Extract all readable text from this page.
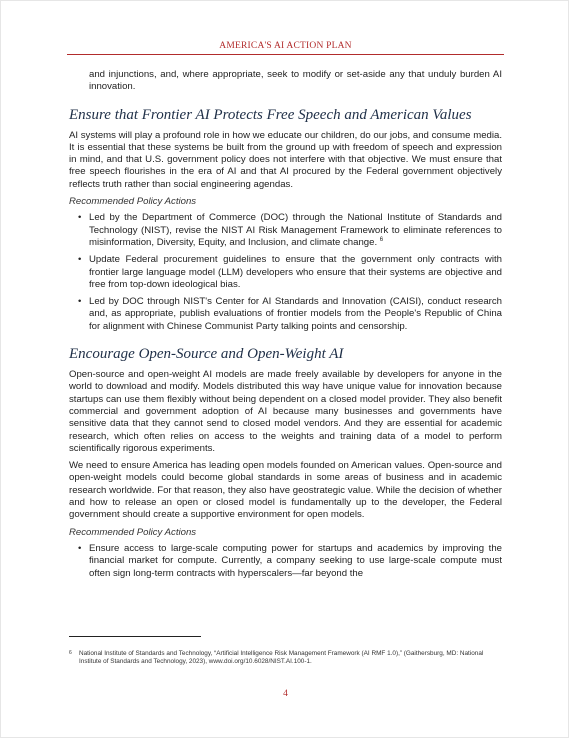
AMERICA'S AI ACTION PLAN

and injunctions, and, where appropriate, seek to modify or set-aside any that unduly burden AI innovation.

Ensure that Frontier AI Protects Free Speech and American Values

AI systems will play a profound role in how we educate our children, do our jobs, and consume media. It is essential that these systems be built from the ground up with freedom of speech and expression in mind, and that U.S. government policy does not interfere with that objective. We must ensure that free speech flourishes in the era of AI and that AI procured by the Federal government objectively reflects truth rather than social engineering agendas.

Recommended Policy Actions
• Led by the Department of Commerce (DOC) through the National Institute of Standards and Technology (NIST), revise the NIST AI Risk Management Framework to eliminate references to misinformation, Diversity, Equity, and Inclusion, and climate change. $^6$
• Update Federal procurement guidelines to ensure that the government only contracts with frontier large language model (LLM) developers who ensure that their systems are objective and free from top-down ideological bias.
• Led by DOC through NIST's Center for AI Standards and Innovation (CAISI), conduct research and, as appropriate, publish evaluations of frontier models from the People's Republic of China for alignment with Chinese Communist Party talking points and censorship.
Encourage Open-Source and Open-Weight AI

Open-source and open-weight AI models are made freely available by developers for anyone in the world to download and modify. Models distributed this way have unique value for innovation because startups can use them flexibly without being dependent on a closed model provider. They also benefit commercial and government adoption of AI because many businesses and governments have sensitive data that they cannot send to closed model vendors. And they are essential for academic research, which often relies on access to the weights and training data of a model to perform scientifically rigorous experiments.

We need to ensure America has leading open models founded on American values. Open-source and open-weight models could become global standards in some areas of business and in academic research worldwide. For that reason, they also have geostrategic value. While the decision of whether and how to release an open or closed model is fundamentally up to the developer, the Federal government should create a supportive environment for open models.

Recommended Policy Actions
• Ensure access to large-scale computing power for startups and academics by improving the financial market for compute. Currently, a company seeking to use large-scale compute must often sign long-term contracts with hyperscalers—far beyond the
6	National Institute of Standards and Technology, “Artificial Intelligence Risk Management Framework (AI RMF 1.0),” (Gaithersburg, MD: National Institute of Standards and Technology, 2023), www.doi.org/10.6028/NIST.AI.100-1.
4
